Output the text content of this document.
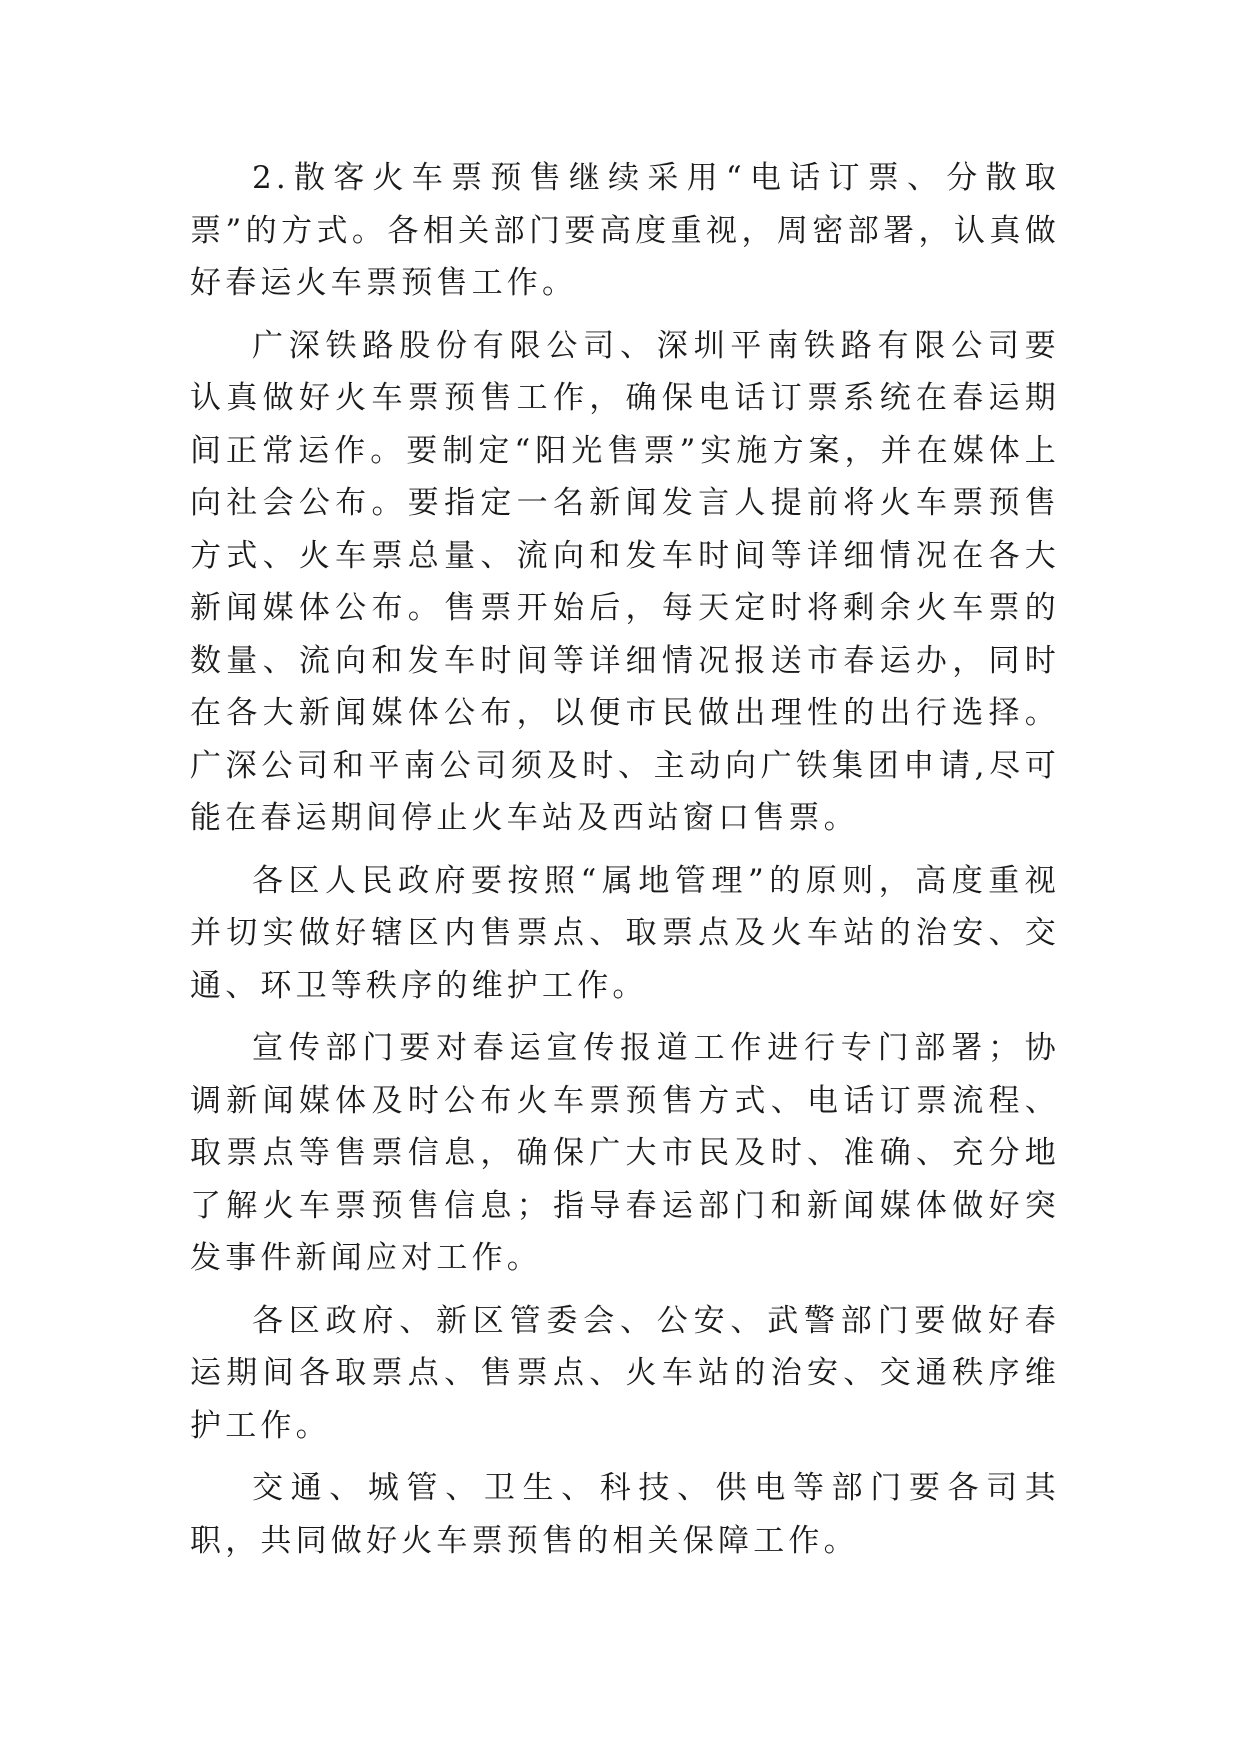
2.散客火车票预售继续采用“电话订票、分散取票”的方式。各相关部门要高度重视，周密部署，认真做好春运火车票预售工作。

广深铁路股份有限公司、深圳平南铁路有限公司要认真做好火车票预售工作，确保电话订票系统在春运期间正常运作。要制定“阳光售票”实施方案，并在媒体上向社会公布。要指定一名新闻发言人提前将火车票预售方式、火车票总量、流向和发车时间等详细情况在各大新闻媒体公布。售票开始后，每天定时将剩余火车票的数量、流向和发车时间等详细情况报送市春运办，同时在各大新闻媒体公布，以便市民做出理性的出行选择。广深公司和平南公司须及时、主动向广铁集团申请,尽可能在春运期间停止火车站及西站窗口售票。

各区人民政府要按照“属地管理”的原则，高度重视并切实做好辖区内售票点、取票点及火车站的治安、交通、环卫等秩序的维护工作。

宣传部门要对春运宣传报道工作进行专门部署；协调新闻媒体及时公布火车票预售方式、电话订票流程、取票点等售票信息，确保广大市民及时、准确、充分地了解火车票预售信息；指导春运部门和新闻媒体做好突发事件新闻应对工作。

各区政府、新区管委会、公安、武警部门要做好春运期间各取票点、售票点、火车站的治安、交通秩序维护工作。

交通、城管、卫生、科技、供电等部门要各司其职，共同做好火车票预售的相关保障工作。
